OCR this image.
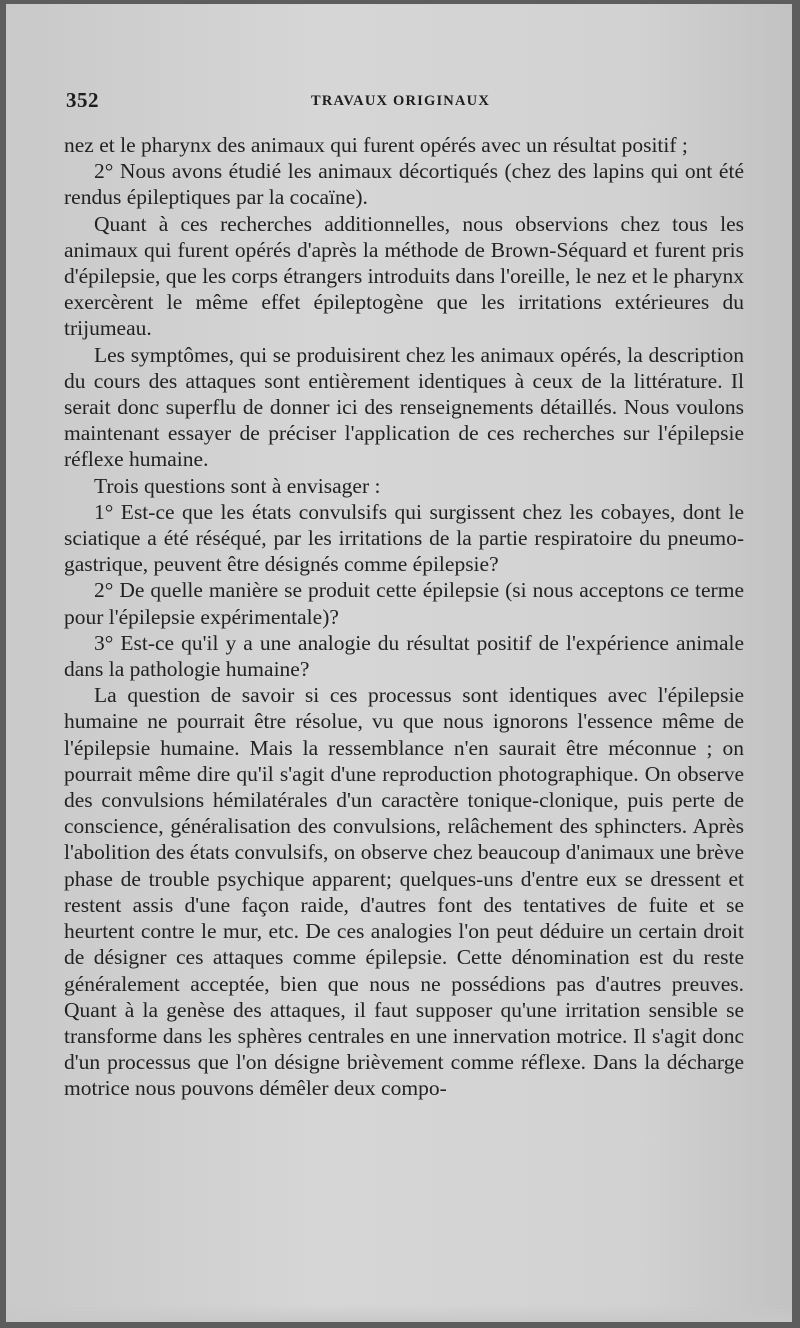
352	TRAVAUX ORIGINAUX

nez et le pharynx des animaux qui furent opérés avec un résultat positif ;

2° Nous avons étudié les animaux décortiqués (chez des lapins qui ont été rendus épileptiques par la cocaïne).

Quant à ces recherches additionnelles, nous observions chez tous les animaux qui furent opérés d'après la méthode de Brown-Séquard et furent pris d'épilepsie, que les corps étrangers introduits dans l'oreille, le nez et le pharynx exercèrent le même effet épileptogène que les irritations extérieures du trijumeau.

Les symptômes, qui se produisirent chez les animaux opérés, la description du cours des attaques sont entièrement identiques à ceux de la littérature. Il serait donc superflu de donner ici des renseignements détaillés. Nous voulons maintenant essayer de préciser l'application de ces recherches sur l'épilepsie réflexe humaine.

Trois questions sont à envisager :

1° Est-ce que les états convulsifs qui surgissent chez les cobayes, dont le sciatique a été réséqué, par les irritations de la partie respiratoire du pneumo-gastrique, peuvent être désignés comme épilepsie?

2° De quelle manière se produit cette épilepsie (si nous acceptons ce terme pour l'épilepsie expérimentale)?

3° Est-ce qu'il y a une analogie du résultat positif de l'expérience animale dans la pathologie humaine?

La question de savoir si ces processus sont identiques avec l'épilepsie humaine ne pourrait être résolue, vu que nous ignorons l'essence même de l'épilepsie humaine. Mais la ressemblance n'en saurait être méconnue ; on pourrait même dire qu'il s'agit d'une reproduction photographique. On observe des convulsions hémilatérales d'un caractère tonique-clonique, puis perte de conscience, généralisation des convulsions, relâchement des sphincters. Après l'abolition des états convulsifs, on observe chez beaucoup d'animaux une brève phase de trouble psychique apparent; quelques-uns d'entre eux se dressent et restent assis d'une façon raide, d'autres font des tentatives de fuite et se heurtent contre le mur, etc. De ces analogies l'on peut déduire un certain droit de désigner ces attaques comme épilepsie. Cette dénomination est du reste généralement acceptée, bien que nous ne possédions pas d'autres preuves. Quant à la genèse des attaques, il faut supposer qu'une irritation sensible se transforme dans les sphères centrales en une innervation motrice. Il s'agit donc d'un processus que l'on désigne brièvement comme réflexe. Dans la décharge motrice nous pouvons démêler deux compo-
